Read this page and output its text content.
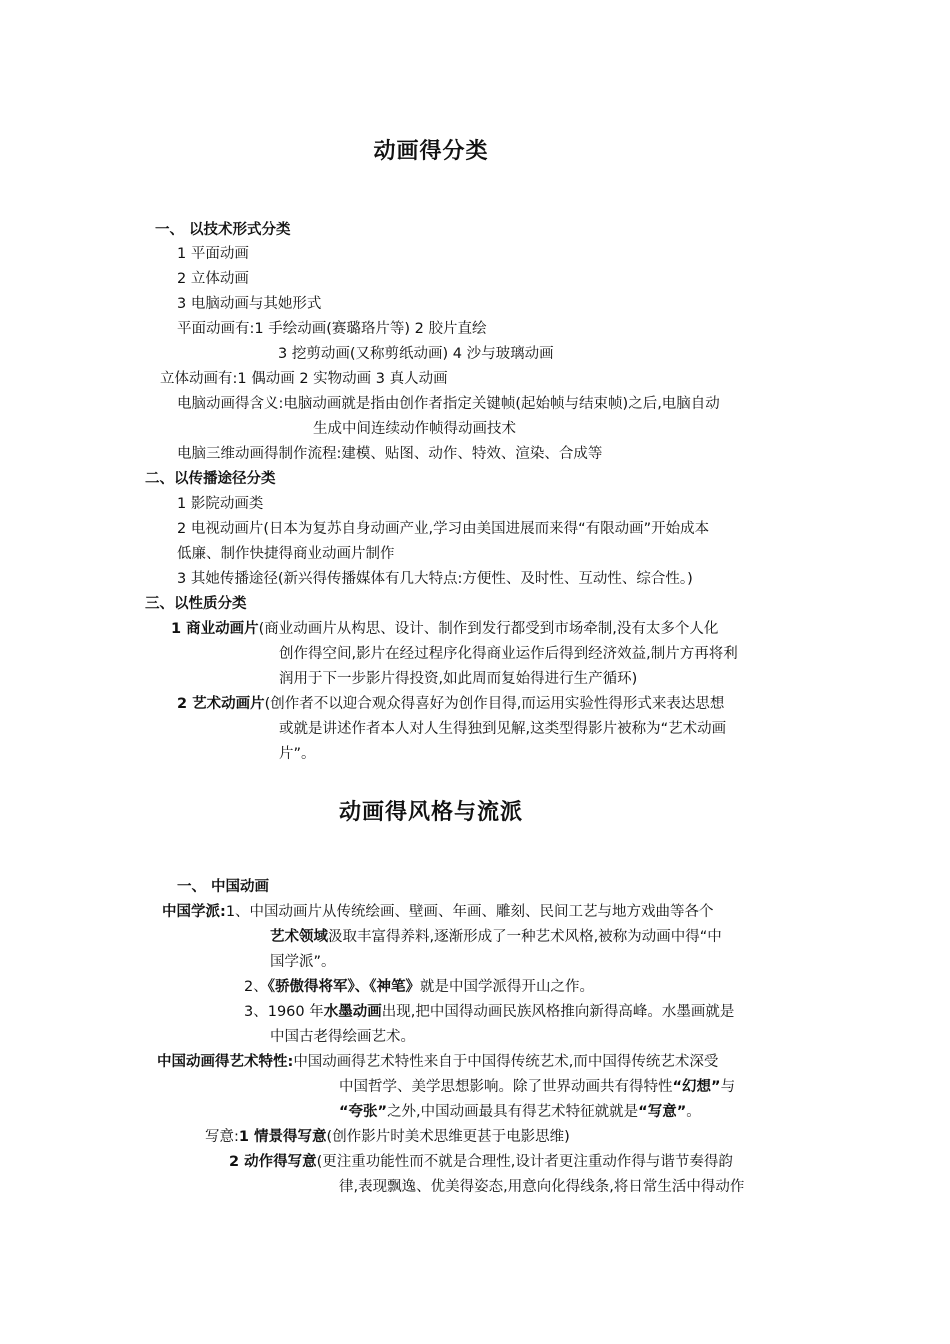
动画得分类
一、 以技术形式分类
1 平面动画
2 立体动画
3 电脑动画与其她形式
平面动画有:1 手绘动画(赛璐珞片等) 2 胶片直绘
3 挖剪动画(又称剪纸动画) 4 沙与玻璃动画
立体动画有:1 偶动画 2 实物动画 3 真人动画
电脑动画得含义:电脑动画就是指由创作者指定关键帧(起始帧与结束帧)之后,电脑自动
生成中间连续动作帧得动画技术
电脑三维动画得制作流程:建模、贴图、动作、特效、渲染、合成等
二、以传播途径分类
1 影院动画类
2 电视动画片(日本为复苏自身动画产业,学习由美国进展而来得“有限动画”开始成本
低廉、制作快捷得商业动画片制作
3 其她传播途径(新兴得传播媒体有几大特点:方便性、及时性、互动性、综合性。)
三、以性质分类
1 商业动画片(商业动画片从构思、设计、制作到发行都受到市场牵制,没有太多个人化
创作得空间,影片在经过程序化得商业运作后得到经济效益,制片方再将利
润用于下一步影片得投资,如此周而复始得进行生产循环)
2 艺术动画片(创作者不以迎合观众得喜好为创作目得,而运用实验性得形式来表达思想
或就是讲述作者本人对人生得独到见解,这类型得影片被称为“艺术动画
片”。
动画得风格与流派
一、 中国动画
中国学派:1、中国动画片从传统绘画、壁画、年画、雕刻、民间工艺与地方戏曲等各个
艺术领域汲取丰富得养料,逐渐形成了一种艺术风格,被称为动画中得“中
国学派”。
2、《骄傲得将军》、《神笔》就是中国学派得开山之作。
3、1960 年水墨动画出现,把中国得动画民族风格推向新得高峰。水墨画就是
中国古老得绘画艺术。
中国动画得艺术特性:中国动画得艺术特性来自于中国得传统艺术,而中国得传统艺术深受
中国哲学、美学思想影响。除了世界动画共有得特性“幻想”与
“夸张”之外,中国动画最具有得艺术特征就就是“写意”。
写意:1 情景得写意(创作影片时美术思维更甚于电影思维)
2 动作得写意(更注重功能性而不就是合理性,设计者更注重动作得与谐节奏得韵
律,表现飘逸、优美得姿态,用意向化得线条,将日常生活中得动作
